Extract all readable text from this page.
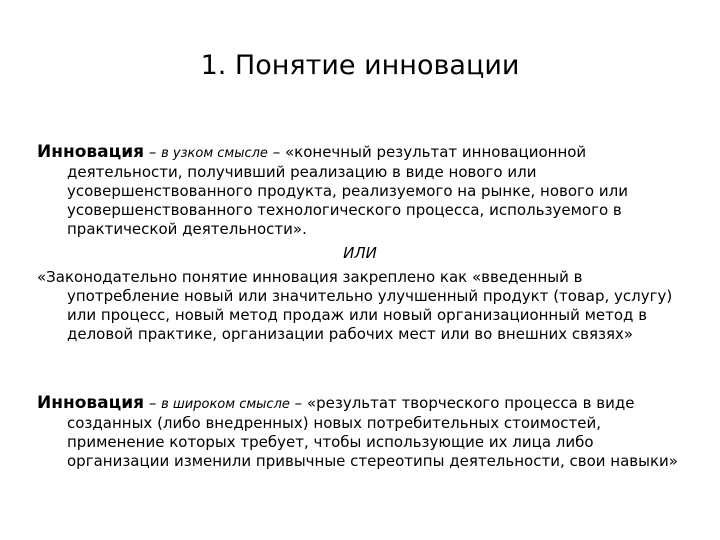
1. Понятие инновации

Инновация – в узком смысле – «конечный результат инновационной деятельности, получивший реализацию в виде нового или усовершенствованного продукта, реализуемого на рынке, нового или усовершенствованного технологического процесса, используемого в практической деятельности».

ИЛИ

«Законодательно понятие инновация закреплено как «введенный в употребление новый или значительно улучшенный продукт (товар, услугу) или процесс, новый метод продаж или новый организационный метод в деловой практике, организации рабочих мест или во внешних связях»

Инновация – в широком смысле – «результат творческого процесса в виде созданных (либо внедренных) новых потребительных стоимостей, применение которых требует, чтобы использующие их лица либо организации изменили привычные стереотипы деятельности, свои навыки»
